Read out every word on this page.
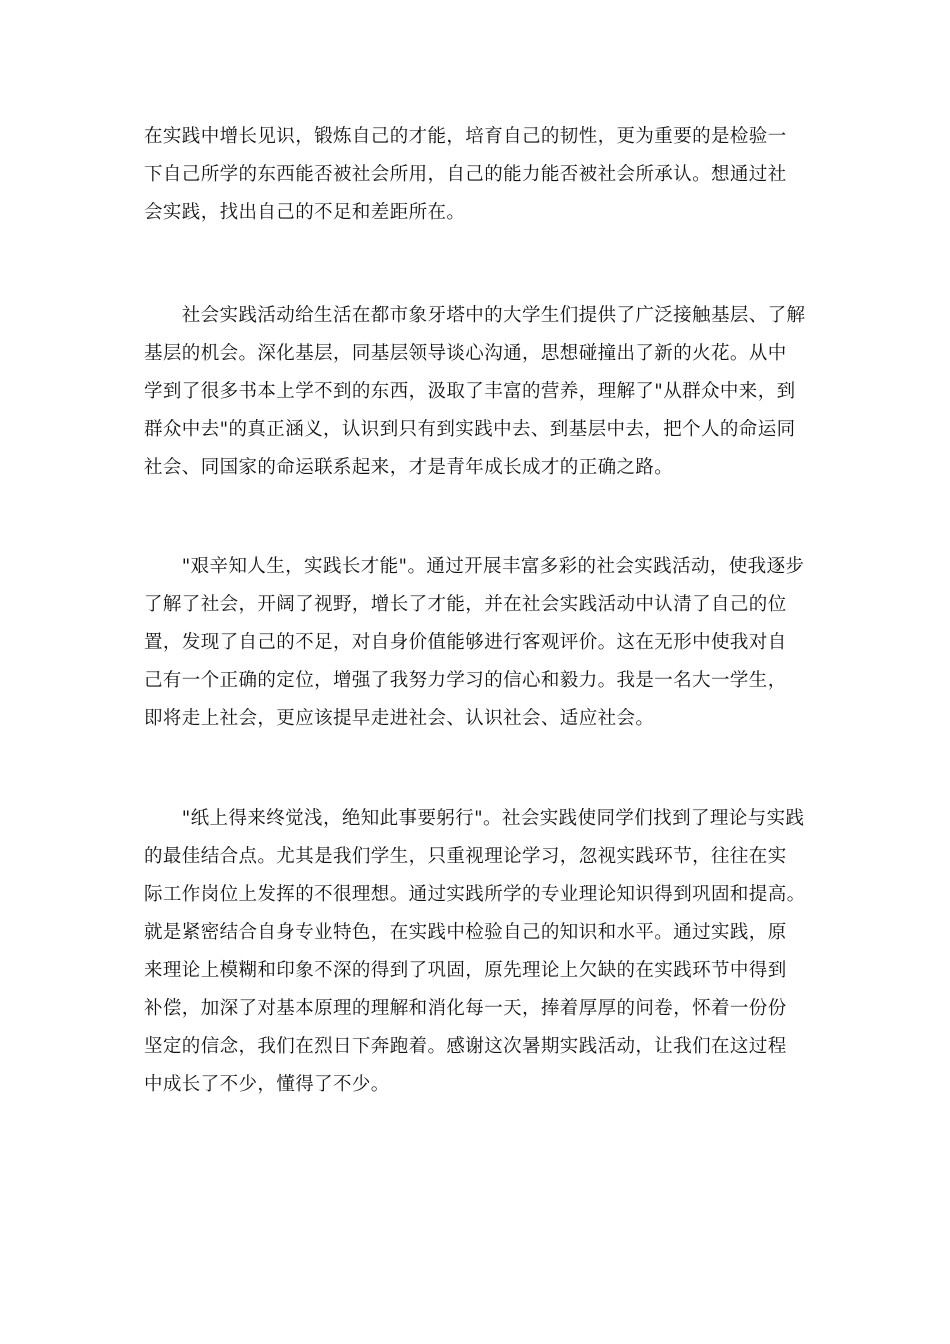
在实践中增长见识，锻炼自己的才能，培育自己的韧性，更为重要的是检验一
下自己所学的东西能否被社会所用，自己的能力能否被社会所承认。想通过社
会实践，找出自己的不足和差距所在。

　   社会实践活动给生活在都市象牙塔中的大学生们提供了广泛接触基层、了解
基层的机会。深化基层，同基层领导谈心沟通，思想碰撞出了新的火花。从中
学到了很多书本上学不到的东西，汲取了丰富的营养，理解了"从群众中来，到
群众中去"的真正涵义，认识到只有到实践中去、到基层中去，把个人的命运同
社会、同国家的命运联系起来，才是青年成长成才的正确之路。

　   "艰辛知人生，实践长才能"。通过开展丰富多彩的社会实践活动，使我逐步
了解了社会，开阔了视野，增长了才能，并在社会实践活动中认清了自己的位
置，发现了自己的不足，对自身价值能够进行客观评价。这在无形中使我对自
己有一个正确的定位，增强了我努力学习的信心和毅力。我是一名大一学生，
即将走上社会，更应该提早走进社会、认识社会、适应社会。

　   "纸上得来终觉浅，绝知此事要躬行"。社会实践使同学们找到了理论与实践
的最佳结合点。尤其是我们学生，只重视理论学习，忽视实践环节，往往在实
际工作岗位上发挥的不很理想。通过实践所学的专业理论知识得到巩固和提高。
就是紧密结合自身专业特色，在实践中检验自己的知识和水平。通过实践，原
来理论上模糊和印象不深的得到了巩固，原先理论上欠缺的在实践环节中得到
补偿，加深了对基本原理的理解和消化每一天，捧着厚厚的问卷，怀着一份份
坚定的信念，我们在烈日下奔跑着。感谢这次暑期实践活动，让我们在这过程
中成长了不少，懂得了不少。
